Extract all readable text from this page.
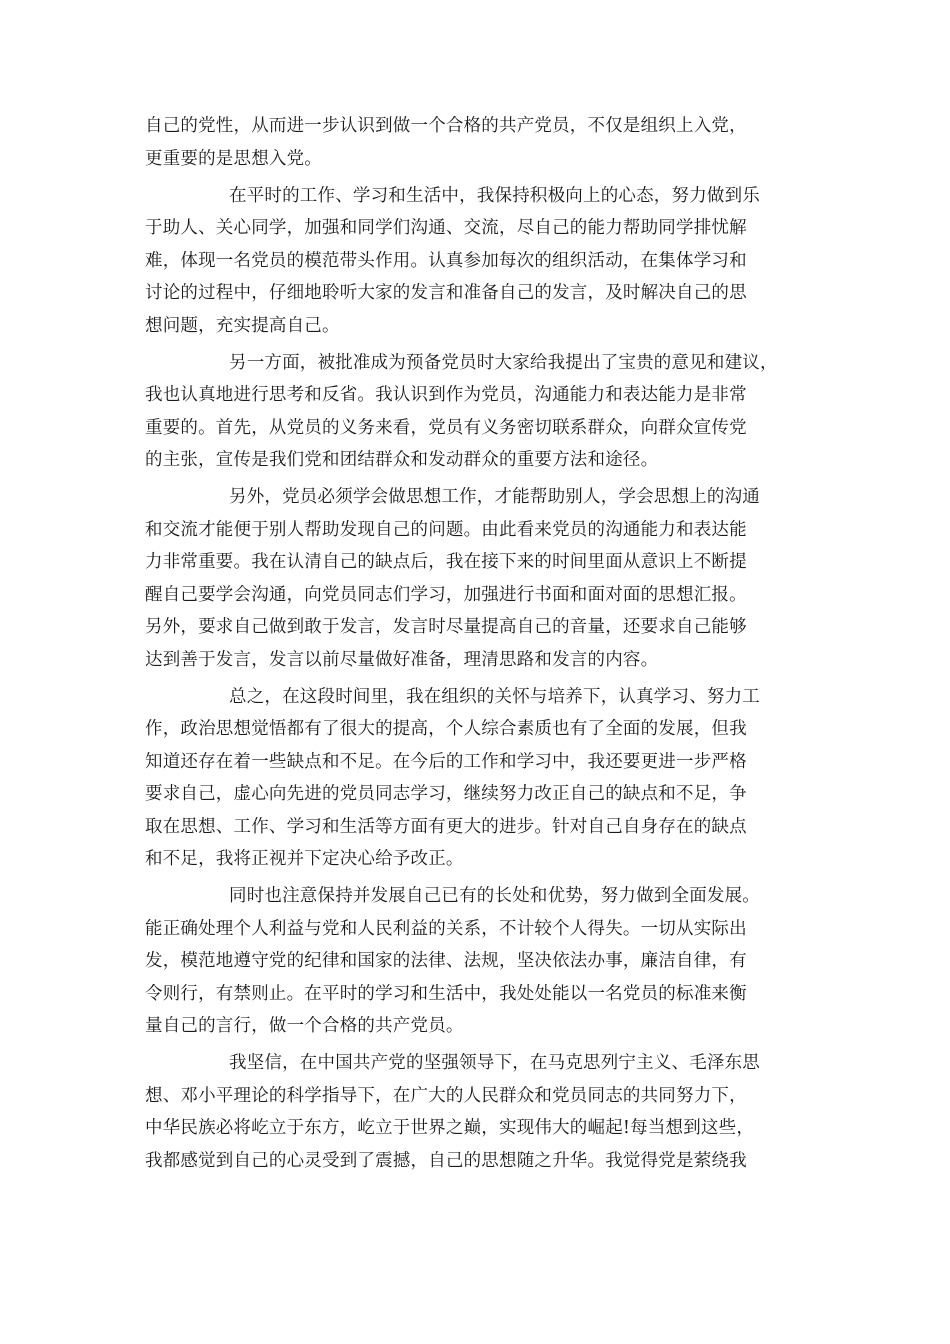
自己的党性，从而进一步认识到做一个合格的共产党员，不仅是组织上入党，
更重要的是思想入党。
在平时的工作、学习和生活中，我保持积极向上的心态，努力做到乐
于助人、关心同学，加强和同学们沟通、交流，尽自己的能力帮助同学排忧解
难，体现一名党员的模范带头作用。认真参加每次的组织活动，在集体学习和
讨论的过程中，仔细地聆听大家的发言和准备自己的发言，及时解决自己的思
想问题，充实提高自己。
另一方面，被批准成为预备党员时大家给我提出了宝贵的意见和建议，
我也认真地进行思考和反省。我认识到作为党员，沟通能力和表达能力是非常
重要的。首先，从党员的义务来看，党员有义务密切联系群众，向群众宣传党
的主张，宣传是我们党和团结群众和发动群众的重要方法和途径。
另外，党员必须学会做思想工作，才能帮助别人，学会思想上的沟通
和交流才能便于别人帮助发现自己的问题。由此看来党员的沟通能力和表达能
力非常重要。我在认清自己的缺点后，我在接下来的时间里面从意识上不断提
醒自己要学会沟通，向党员同志们学习，加强进行书面和面对面的思想汇报。
另外，要求自己做到敢于发言，发言时尽量提高自己的音量，还要求自己能够
达到善于发言，发言以前尽量做好准备，理清思路和发言的内容。
总之，在这段时间里，我在组织的关怀与培养下，认真学习、努力工
作，政治思想觉悟都有了很大的提高，个人综合素质也有了全面的发展，但我
知道还存在着一些缺点和不足。在今后的工作和学习中，我还要更进一步严格
要求自己，虚心向先进的党员同志学习，继续努力改正自己的缺点和不足，争
取在思想、工作、学习和生活等方面有更大的进步。针对自己自身存在的缺点
和不足，我将正视并下定决心给予改正。
同时也注意保持并发展自己已有的长处和优势，努力做到全面发展。
能正确处理个人利益与党和人民利益的关系，不计较个人得失。一切从实际出
发，模范地遵守党的纪律和国家的法律、法规，坚决依法办事，廉洁自律，有
令则行，有禁则止。在平时的学习和生活中，我处处能以一名党员的标准来衡
量自己的言行，做一个合格的共产党员。
我坚信，在中国共产党的坚强领导下，在马克思列宁主义、毛泽东思
想、邓小平理论的科学指导下，在广大的人民群众和党员同志的共同努力下，
中华民族必将屹立于东方，屹立于世界之巅，实现伟大的崛起!每当想到这些，
我都感觉到自己的心灵受到了震撼，自己的思想随之升华。我觉得党是萦绕我
